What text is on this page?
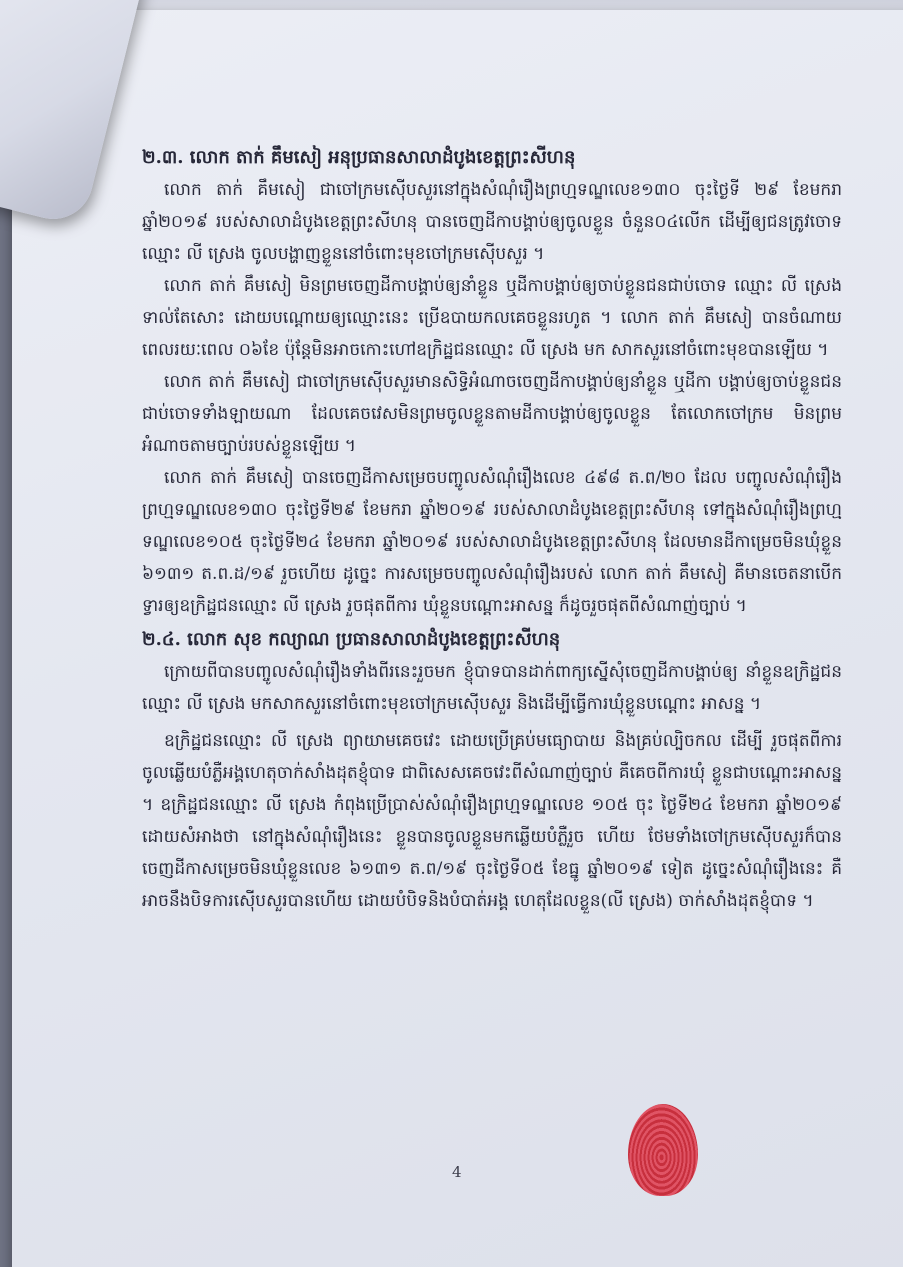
២.៣. លោក តាក់ គឹមសៀ អនុប្រធានសាលាដំបូងខេត្តព្រះសីហនុ

លោក តាក់ គឹមសៀ ជាចៅក្រមស៊ើបសួរនៅក្នុងសំណុំរឿងព្រហ្មទណ្ឌលេខ១៣០ ចុះថ្ងៃទី ២៩ ខែមករា ឆ្នាំ២០១៩ របស់សាលាដំបូងខេត្តព្រះសីហនុ បានចេញដីកាបង្គាប់ឲ្យចូលខ្លួន ចំនួន០៤លើក ដើម្បីឲ្យជនត្រូវចោទឈ្មោះ លី ស្រេង ចូលបង្ហាញខ្លួននៅចំពោះមុខចៅក្រមស៊ើបសួរ ។

លោក តាក់ គឹមសៀ មិនព្រមចេញដីកាបង្គាប់ឲ្យនាំខ្លួន ឬដីកាបង្គាប់ឲ្យចាប់ខ្លួនជនជាប់ចោទ ឈ្មោះ លី ស្រេង ទាល់តែសោះ ដោយបណ្តោយឲ្យឈ្មោះនេះ ប្រើឧបាយកលគេចខ្លួនរហូត ។ លោក តាក់ គឹមសៀ បានចំណាយពេលរយៈពេល ០៦ខែ ប៉ុន្តែមិនអាចកោះហៅឧក្រិដ្ឋជនឈ្មោះ លី ស្រេង មក សាកសួរនៅចំពោះមុខបានឡើយ ។

លោក តាក់ គឹមសៀ ជាចៅក្រមស៊ើបសួរមានសិទ្ធិអំណាចចេញដីកាបង្គាប់ឲ្យនាំខ្លួន ឬដីកា បង្គាប់ឲ្យចាប់ខ្លួនជនជាប់ចោទទាំងឡាយណា ដែលគេចវេសមិនព្រមចូលខ្លួនតាមដីកាបង្គាប់ឲ្យចូលខ្លួន តែលោកចៅក្រម មិនព្រមអំណាចតាមច្បាប់របស់ខ្លួនឡើយ ។

លោក តាក់ គឹមសៀ បានចេញដីកាសម្រេចបញ្ចូលសំណុំរឿងលេខ ៤៩៨ ត.ព/២០ ដែល បញ្ចូលសំណុំរឿងព្រហ្មទណ្ឌលេខ១៣០ ចុះថ្ងៃទី២៩ ខែមករា ឆ្នាំ២០១៩ របស់សាលាដំបូងខេត្តព្រះសីហនុ ទៅក្នុងសំណុំរឿងព្រហ្មទណ្ឌលេខ១០៥ ចុះថ្ងៃទី២៤ ខែមករា ឆ្នាំ២០១៩ របស់សាលាដំបូងខេត្តព្រះសីហនុ ដែលមានដីកាម្រេចមិនឃុំខ្លួន ៦១៣១ ត.ព.ដ/១៩ រួចហើយ ដូច្នេះ ការសម្រេចបញ្ចូលសំណុំរឿងរបស់ លោក តាក់ គឹមសៀ គឺមានចេតនាបើកទ្វារឲ្យឧក្រិដ្ឋជនឈ្មោះ លី ស្រេង រួចផុតពីការ ឃុំខ្លួនបណ្តោះអាសន្ន ក៏ដូចរួចផុតពីសំណាញ់ច្បាប់ ។

២.៤. លោក សុខ កល្យាណ ប្រធានសាលាដំបូងខេត្តព្រះសីហនុ

ក្រោយពីបានបញ្ចូលសំណុំរឿងទាំងពីរនេះរួចមក ខ្ញុំបាទបានដាក់ពាក្យស្នើសុំចេញដីកាបង្គាប់ឲ្យ នាំខ្លួនឧក្រិដ្ឋជនឈ្មោះ លី ស្រេង មកសាកសួរនៅចំពោះមុខចៅក្រមស៊ើបសួរ និងដើម្បីធ្វើការឃុំខ្លួនបណ្តោះ អាសន្ន ។

ឧក្រិដ្ឋជនឈ្មោះ លី ស្រេង ព្យាយាមគេចវេះ ដោយប្រើគ្រប់មធ្យោបាយ និងគ្រប់ល្បិចកល ដើម្បី រួចផុតពីការចូលឆ្លើយបំភ្លឺអង្គហេតុចាក់សាំងដុតខ្ញុំបាទ ជាពិសេសគេចវេះពីសំណាញ់ច្បាប់ គឺគេចពីការឃុំ ខ្លួនជាបណ្តោះអាសន្ន ។ ឧក្រិដ្ឋជនឈ្មោះ លី ស្រេង កំពុងប្រើប្រាស់សំណុំរឿងព្រហ្មទណ្ឌលេខ ១០៥ ចុះ ថ្ងៃទី២៤ ខែមករា ឆ្នាំ២០១៩ ដោយសំអាងថា នៅក្នុងសំណុំរឿងនេះ ខ្លួនបានចូលខ្លួនមកឆ្លើយបំភ្លឺរួច ហើយ ថែមទាំងចៅក្រមស៊ើបសួរក៏បានចេញដីកាសម្រេចមិនឃុំខ្លួនលេខ ៦១៣១ ត.ព/១៩ ចុះថ្ងៃទី០៥ ខែធ្នូ ឆ្នាំ២០១៩ ទៀត ដូច្នេះសំណុំរឿងនេះ គឺអាចនឹងបិទការស៊ើបសួរបានហើយ ដោយបំបិទនិងបំបាត់អង្គ ហេតុដែលខ្លួន(លី ស្រេង) ចាក់សាំងដុតខ្ញុំបាទ ។

4
